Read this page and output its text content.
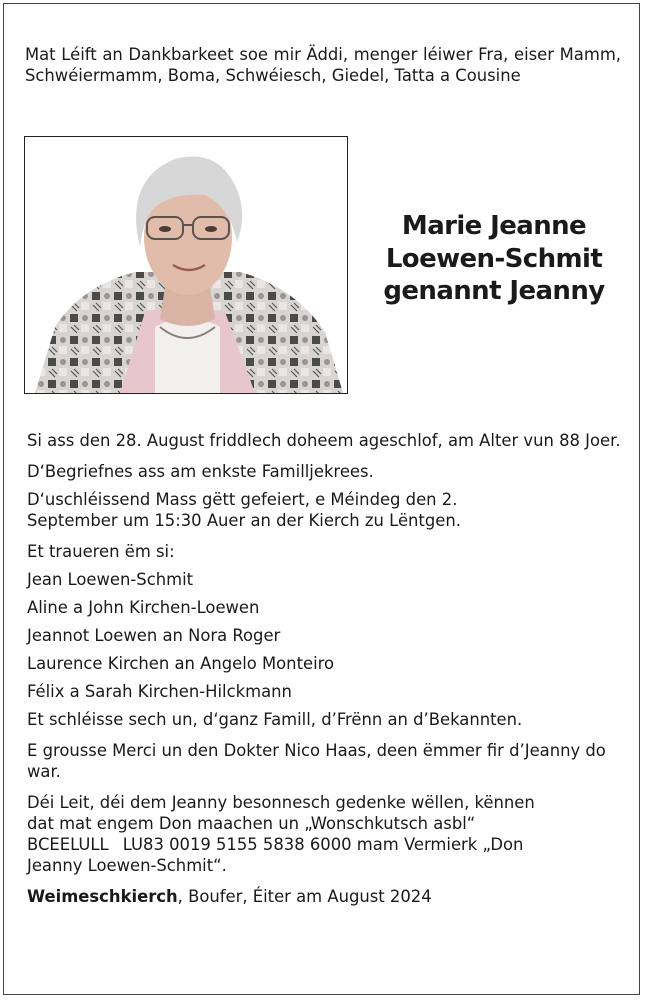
Mat Léift an Dankbarkeet soe mir Äddi, menger léiwer Fra, eiser Mamm, Schwéiermamm, Boma, Schwéiesch, Giedel, Tatta a Cousine

Marie Jeanne
Loewen-Schmit
genannt Jeanny

Si ass den 28. August friddlech doheem ageschlof, am Alter vun 88 Joer.

D‘Begriefnes ass am enkste Familljekrees.

D‘uschléissend Mass gëtt gefeiert, e Méindeg den 2.
September um 15:30 Auer an der Kierch zu Lëntgen.

Et traueren ëm si:

Jean Loewen-Schmit

Aline a John Kirchen-Loewen

Jeannot Loewen an Nora Roger

Laurence Kirchen an Angelo Monteiro

Félix a Sarah Kirchen-Hilckmann

Et schléisse sech un, d‘ganz Famill, d’Frënn an d’Bekannten.

E grousse Merci un den Dokter Nico Haas, deen ëmmer fir d’Jeanny do war.

Déi Leit, déi dem Jeanny besonnesch gedenke wëllen, kënnen
dat mat engem Don maachen un „Wonschkutsch asbl“
BCEELULL LU83 0019 5155 5838 6000 mam Vermierk „Don
Jeanny Loewen-Schmit“.

Weimeschkierch, Boufer, Éiter am August 2024
